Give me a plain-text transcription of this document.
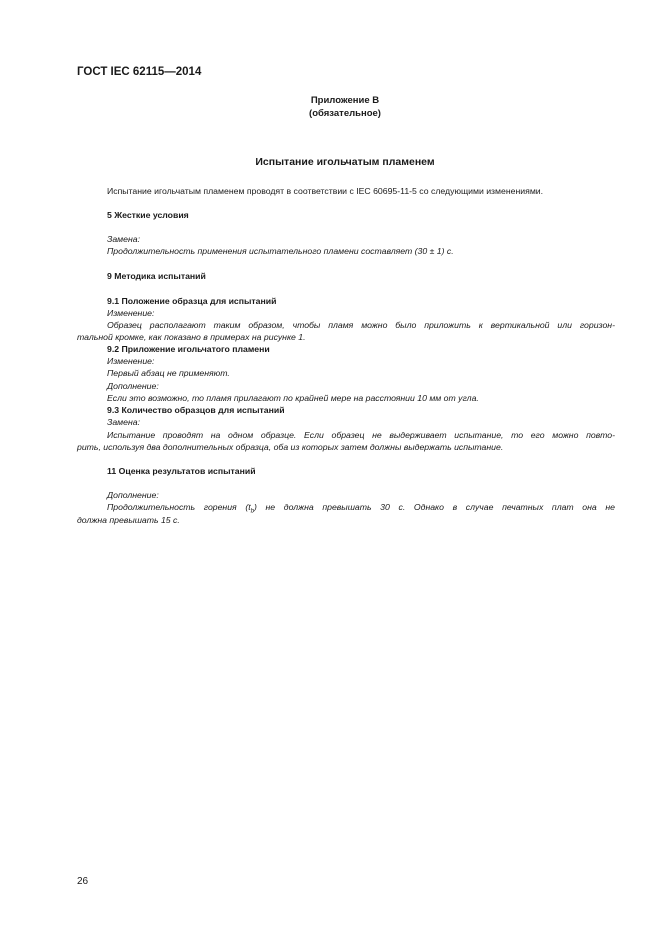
ГОСТ IEC 62115—2014
Приложение В
(обязательное)
Испытание игольчатым пламенем
Испытание игольчатым пламенем проводят в соответствии с IEC 60695-11-5 со следующими изменениями.
5 Жесткие условия
Замена:
Продолжительность применения испытательного пламени составляет (30 ± 1) с.
9 Методика испытаний
9.1 Положение образца для испытаний
Изменение:
Образец располагают таким образом, чтобы пламя можно было приложить к вертикальной или горизон-
тальной кромке, как показано в примерах на рисунке 1.
9.2 Приложение игольчатого пламени
Изменение:
Первый абзац не применяют.
Дополнение:
Если это возможно, то пламя прилагают по крайней мере на расстоянии 10 мм от угла.
9.3 Количество образцов для испытаний
Замена:
Испытание проводят на одном образце. Если образец не выдерживает испытание, то его можно повто-
рить, используя два дополнительных образца, оба из которых затем должны выдержать испытание.
11 Оценка результатов испытаний
Дополнение:
Продолжительность горения $(t_b)$ не должна превышать 30 с. Однако в случае печатных плат она не
должна превышать 15 с.
26
